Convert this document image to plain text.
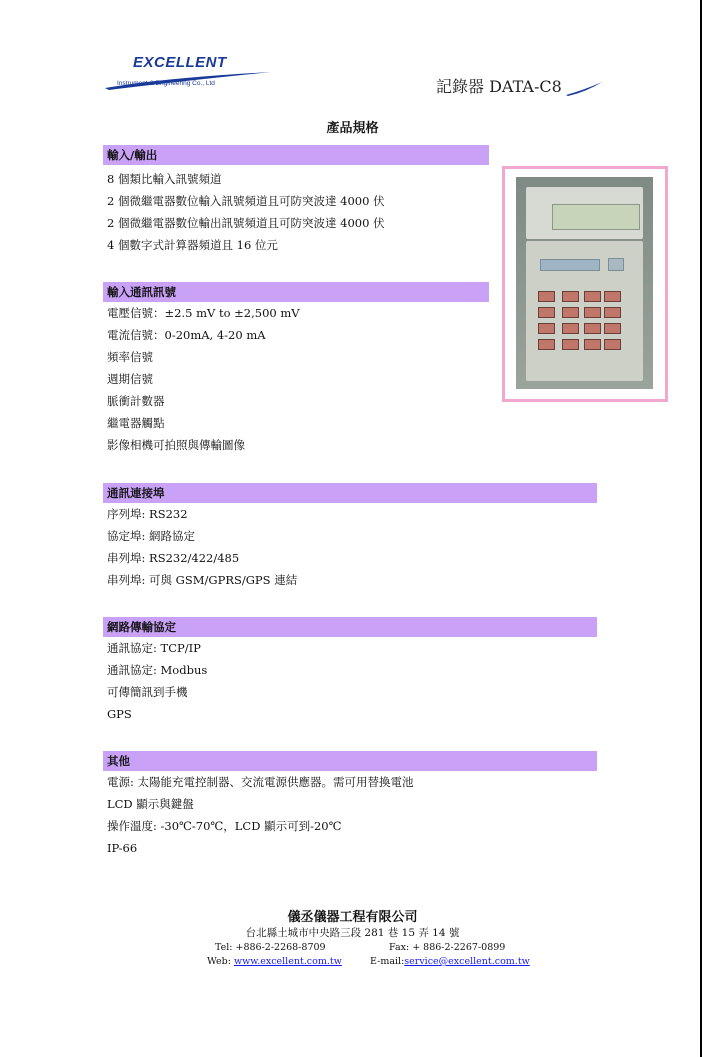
EXCELLENT
Instrument & Engineering Co., Ltd	記錄器 DATA-C8
產品規格
輸入/輸出
8 個類比輸入訊號頻道
2 個微繼電器數位輸入訊號頻道且可防突波達 4000 伏
2 個微繼電器數位輸出訊號頻道且可防突波達 4000 伏
4 個數字式計算器頻道且 16 位元
輸入通訊訊號
電壓信號：±2.5 mV to ±2,500 mV
電流信號：0-20mA, 4-20 mA
頻率信號
週期信號
脈衝計數器
繼電器觸點
影像相機可拍照與傳輸圖像
通訊連接埠
序列埠: RS232
協定埠: 網路協定
串列埠: RS232/422/485
串列埠: 可與 GSM/GPRS/GPS 連結
網路傳輸協定
通訊協定: TCP/IP
通訊協定: Modbus
可傳簡訊到手機
GPS
其他
電源: 太陽能充電控制器、交流電源供應器。需可用替換電池
LCD 顯示與鍵盤
操作溫度: -30℃-70℃，LCD 顯示可到-20℃
IP-66
儀丞儀器工程有限公司
台北縣土城市中央路三段 281 巷 15 弄 14 號
Tel: +886-2-2268-8709	Fax: + 886-2-2267-0899
Web: www.excellent.com.tw	E-mail:service@excellent.com.tw
